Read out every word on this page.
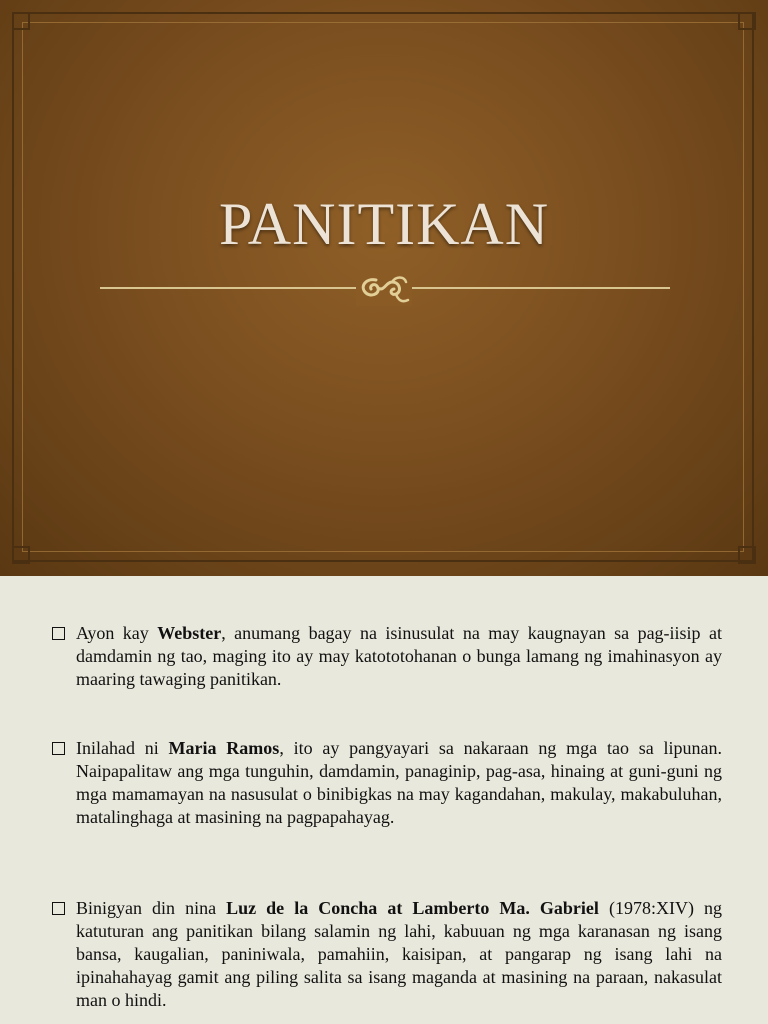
PANITIKAN
Ayon kay Webster, anumang bagay na isinusulat na may kaugnayan sa pag-iisip at damdamin ng tao, maging ito ay may katototohanan o bunga lamang ng imahinasyon ay maaring tawaging panitikan.
Inilahad ni Maria Ramos, ito ay pangyayari sa nakaraan ng mga tao sa lipunan. Naipapalitaw ang mga tunguhin, damdamin, panaginip, pag-asa, hinaing at guni-guni ng mga mamamayan na nasusulat o binibigkas na may kagandahan, makulay, makabuluhan, matalinghaga at masining na pagpapahayag.
Binigyan din nina Luz de la Concha at Lamberto Ma. Gabriel (1978:XIV) ng katuturan ang panitikan bilang salamin ng lahi, kabuuan ng mga karanasan ng isang bansa, kaugalian, paniniwala, pamahiin, kaisipan, at pangarap ng isang lahi na ipinahahayag gamit ang piling salita sa isang maganda at masining na paraan, nakasulat man o hindi.
